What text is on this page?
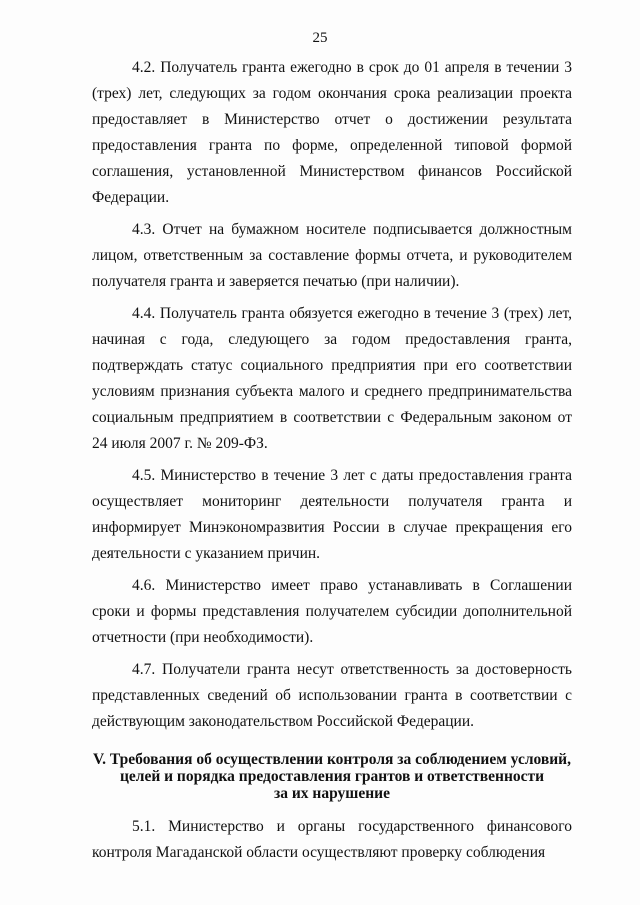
25

4.2. Получатель гранта ежегодно в срок до 01 апреля в течении 3 (трех) лет, следующих за годом окончания срока реализации проекта предоставляет в Министерство отчет о достижении результата предоставления гранта по форме, определенной типовой формой соглашения, установленной Министерством финансов Российской Федерации.

4.3. Отчет на бумажном носителе подписывается должностным лицом, ответственным за составление формы отчета, и руководителем получателя гранта и заверяется печатью (при наличии).

4.4. Получатель гранта обязуется ежегодно в течение 3 (трех) лет, начиная с года, следующего за годом предоставления гранта, подтверждать статус социального предприятия при его соответствии условиям признания субъекта малого и среднего предпринимательства социальным предприятием в соответствии с Федеральным законом от 24 июля 2007 г. № 209-ФЗ.

4.5. Министерство в течение 3 лет с даты предоставления гранта осуществляет мониторинг деятельности получателя гранта и информирует Минэкономразвития России в случае прекращения его деятельности с указанием причин.

4.6. Министерство имеет право устанавливать в Соглашении сроки и формы представления получателем субсидии дополнительной отчетности (при необходимости).

4.7. Получатели гранта несут ответственность за достоверность представленных сведений об использовании гранта в соответствии с действующим законодательством Российской Федерации.

V. Требования об осуществлении контроля за соблюдением условий,
целей и порядка предоставления грантов и ответственности
за их нарушение

5.1. Министерство и органы государственного финансового контроля Магаданской области осуществляют проверку соблюдения
